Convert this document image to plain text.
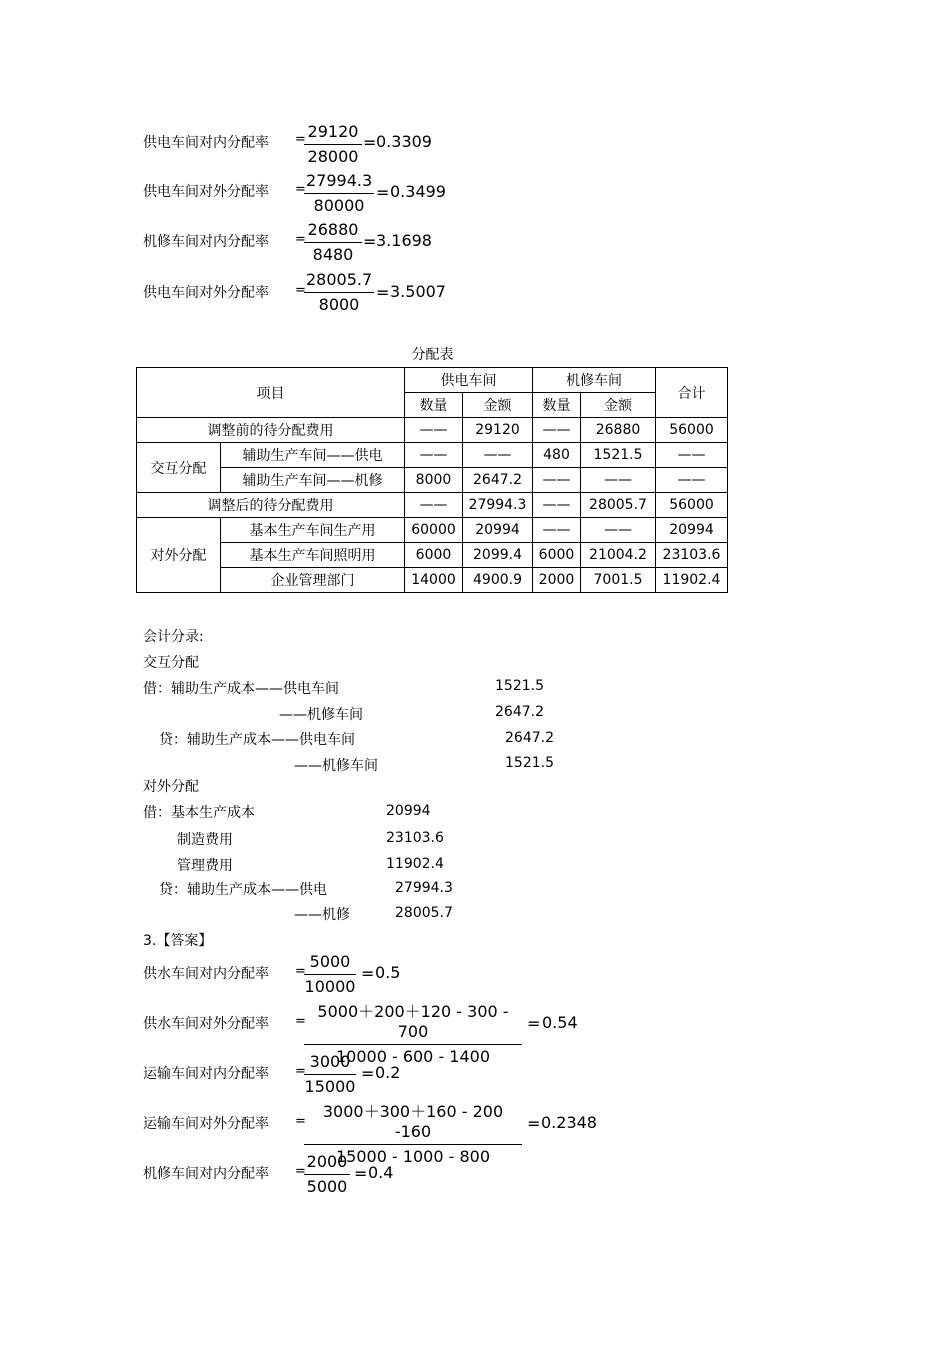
供电车间对内分配率 = 29120
28000
= 0.3309
供电车间对外分配率 = 27994.3
80000
= 0.3499
机修车间对内分配率 =
26880
8480
= 3.1698
供电车间对外分配率 =
28005.7
8000
= 3.5007
分配表
项目		供电车间		机修车间		合计
		数量	金额	数量	金额	
调整前的待分配费用		——	29120	——	26880	56000
交互分配	辅助生产车间——供电	——	——	480	1521.5	——
	辅助生产车间——机修	8000	2647.2	——	——	——
调整后的待分配费用		——	27994.3	——	28005.7	56000
对外分配	基本生产车间生产用	60000	20994	——	——	20994
	基本生产车间照明用	6000	2099.4	6000	21004.2	23103.6
	企业管理部门	14000	4900.9	2000	7001.5	11902.4
会计分录:
交互分配
借：辅助生产成本——供电车间	1521.5
——机修车间	2647.2
贷：辅助生产成本——供电车间	2647.2
——机修车间	1521.5
对外分配
借：基本生产成本	20994
制造费用	23103.6
管理费用	11902.4
贷：辅助生产成本——供电	27994.3
——机修	28005.7
3.【答案】
供水车间对内分配率 =
5000
10000
= 0.5
供水车间对外分配率 =
5000＋200＋120 - 300 - 700
10000 - 600 - 1400
= 0.54
运输车间对内分配率 =
3000
15000
= 0.2
运输车间对外分配率 =
3000＋300＋160 - 200 -160
15000 - 1000 - 800
= 0.2348
机修车间对内分配率 =
2000
5000
= 0.4
